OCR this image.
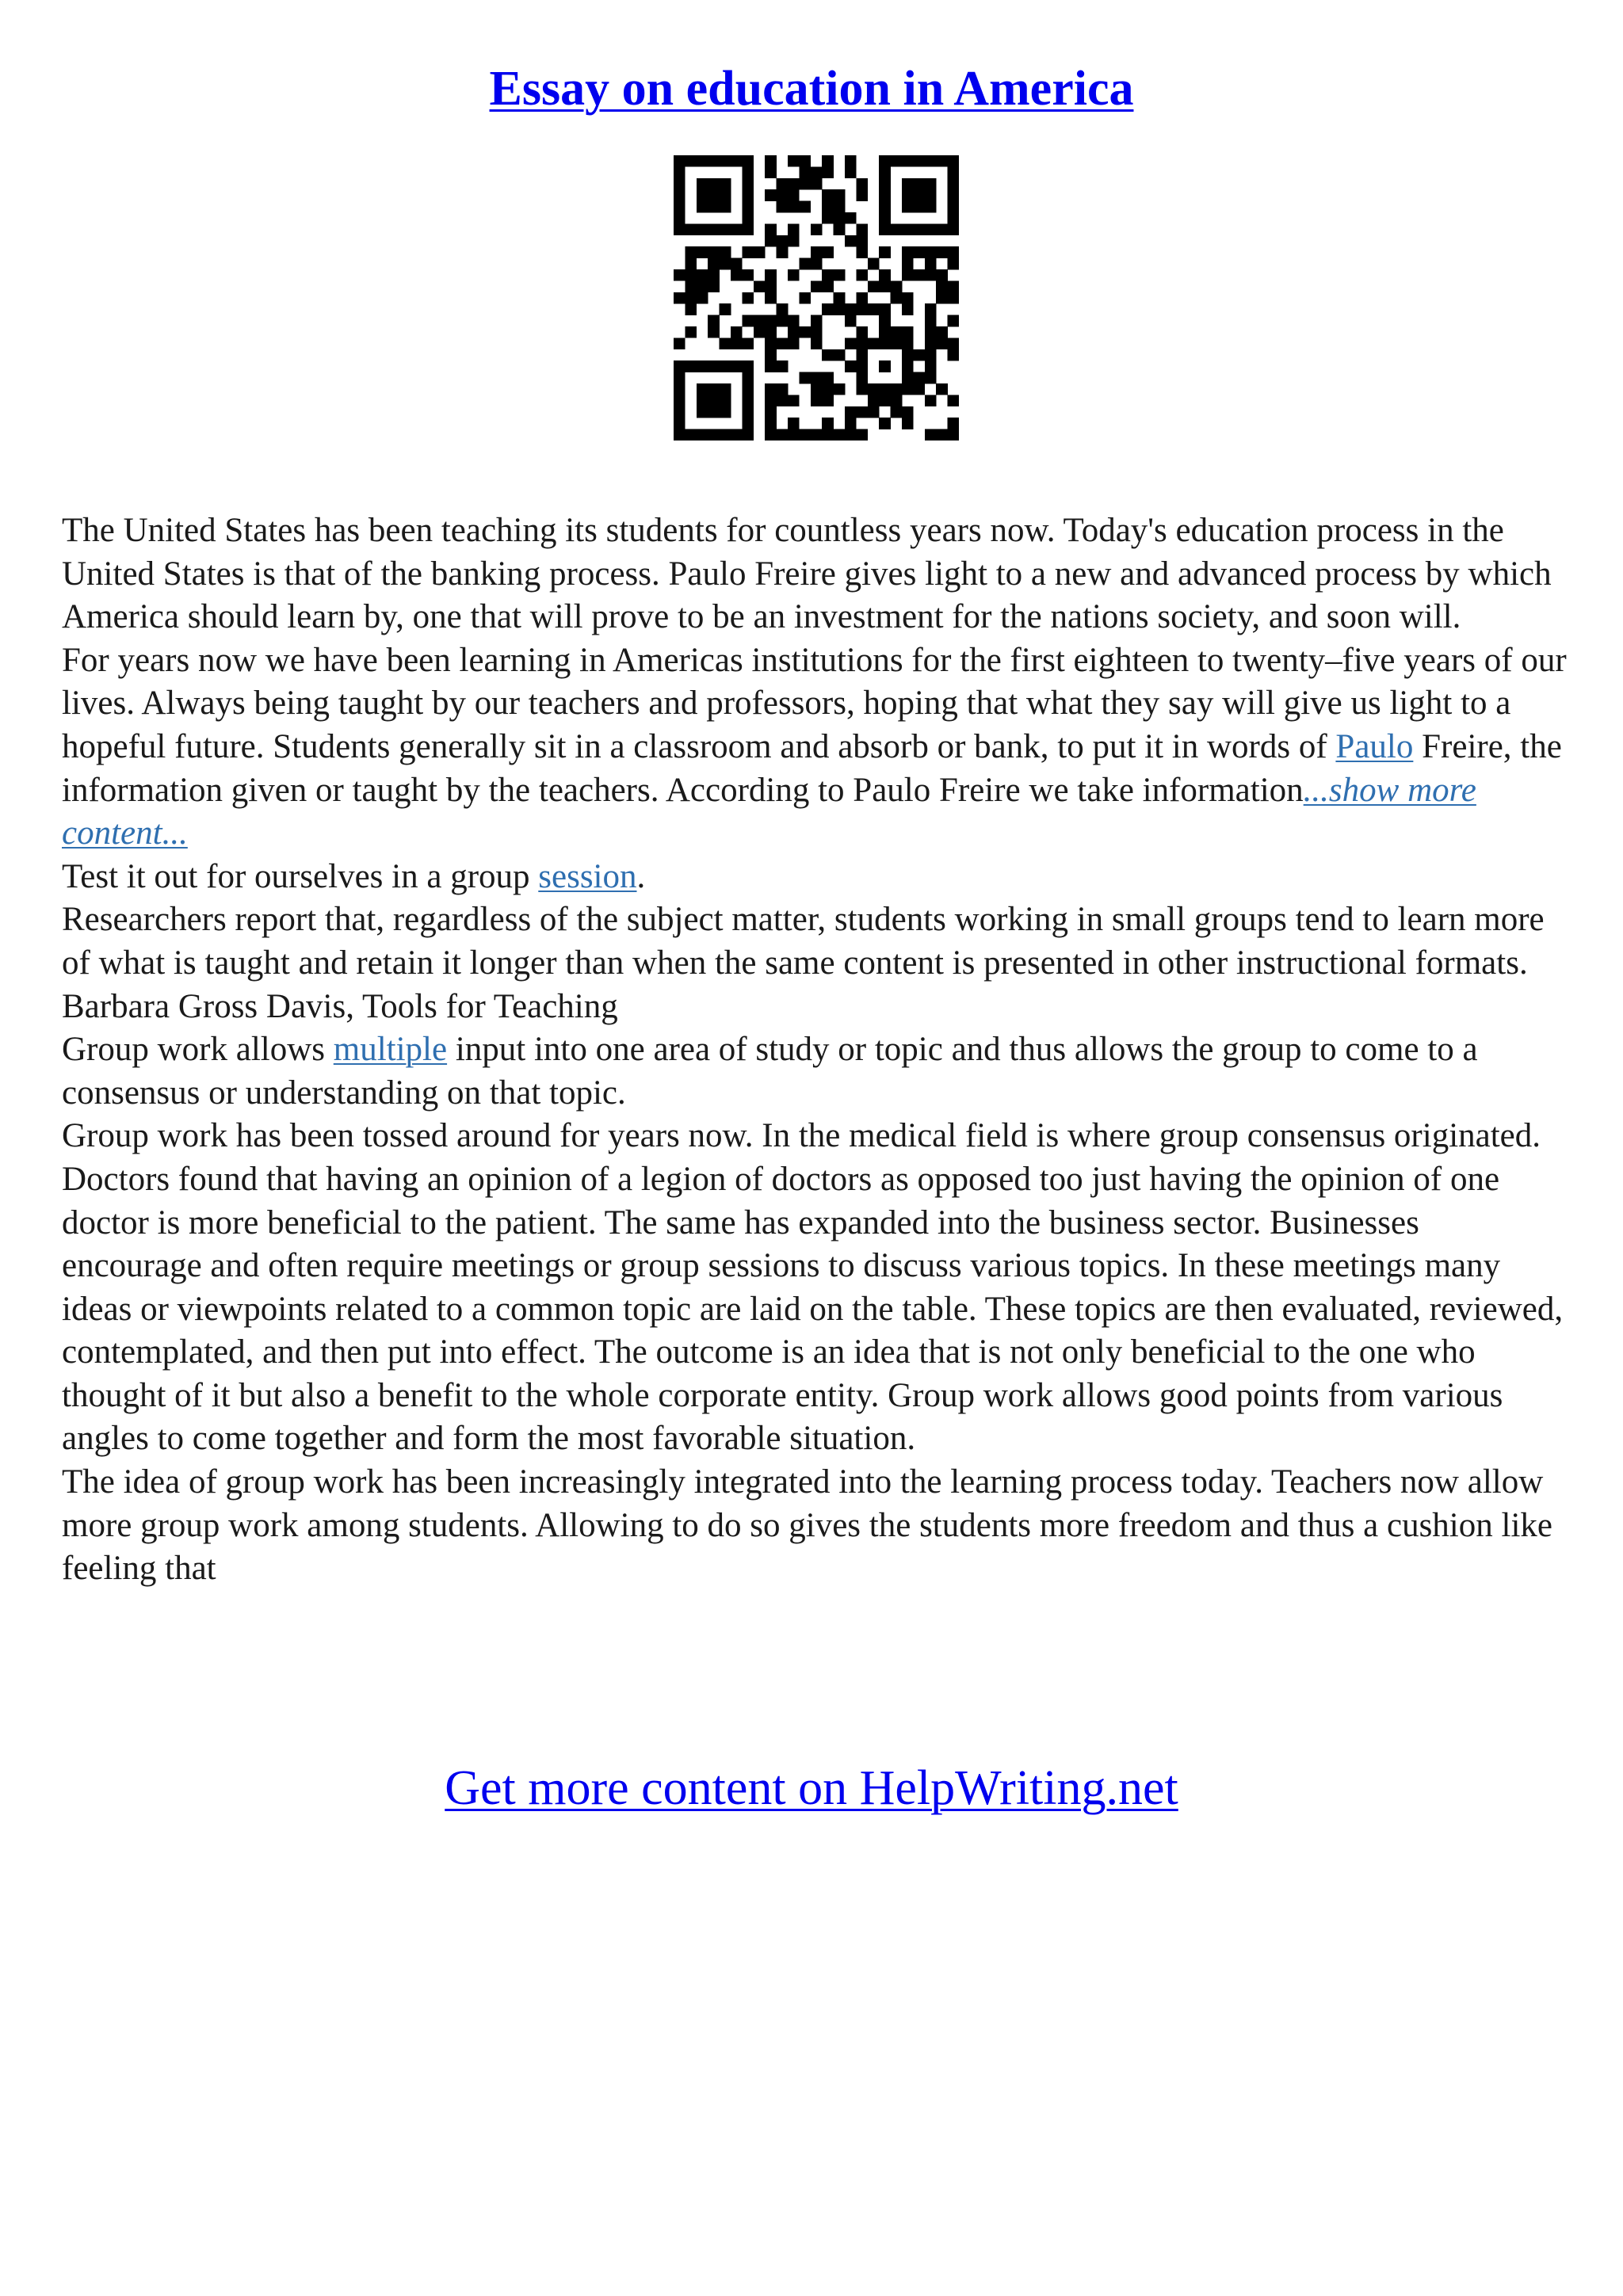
Essay on education in America

The United States has been teaching its students for countless years now. Today's education process in the United States is that of the banking process. Paulo Freire gives light to a new and advanced process by which America should learn by, one that will prove to be an investment for the nations society, and soon will.

For years now we have been learning in Americas institutions for the first eighteen to twenty–five years of our lives. Always being taught by our teachers and professors, hoping that what they say will give us light to a hopeful future. Students generally sit in a classroom and absorb or bank, to put it in words of Paulo Freire, the information given or taught by the teachers. According to Paulo Freire we take information...show more content...

Test it out for ourselves in a group session.

Researchers report that, regardless of the subject matter, students working in small groups tend to learn more of what is taught and retain it longer than when the same content is presented in other instructional formats.

Barbara Gross Davis, Tools for Teaching

Group work allows multiple input into one area of study or topic and thus allows the group to come to a consensus or understanding on that topic.

Group work has been tossed around for years now. In the medical field is where group consensus originated. Doctors found that having an opinion of a legion of doctors as opposed too just having the opinion of one doctor is more beneficial to the patient. The same has expanded into the business sector. Businesses encourage and often require meetings or group sessions to discuss various topics. In these meetings many ideas or viewpoints related to a common topic are laid on the table. These topics are then evaluated, reviewed, contemplated, and then put into effect. The outcome is an idea that is not only beneficial to the one who thought of it but also a benefit to the whole corporate entity. Group work allows good points from various angles to come together and form the most favorable situation.

The idea of group work has been increasingly integrated into the learning process today. Teachers now allow more group work among students. Allowing to do so gives the students more freedom and thus a cushion like feeling that

Get more content on HelpWriting.net
